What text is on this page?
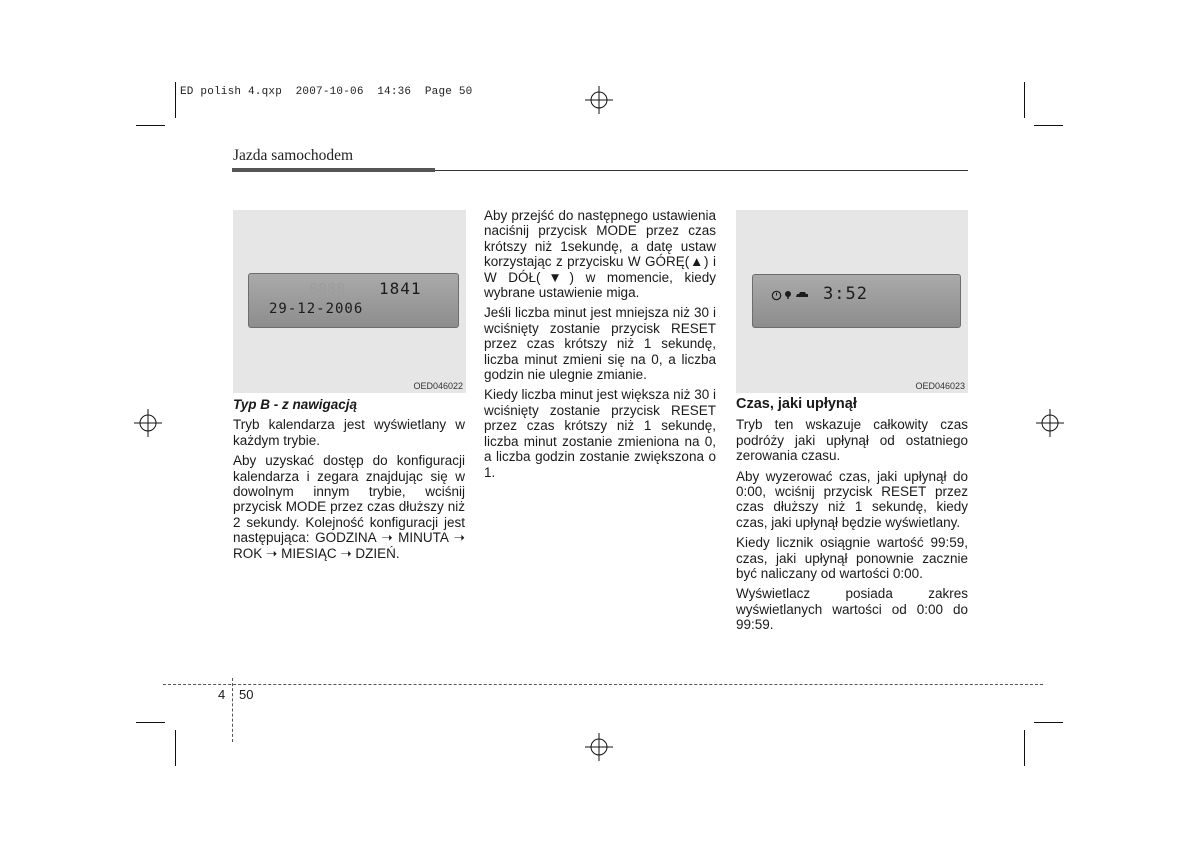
ED polish 4.qxp  2007-10-06  14:36  Page 50
Jazda samochodem
8888 1841
29-12-2006
OED046022
3:52
OED046023

Typ B - z nawigacją

Tryb kalendarza jest wyświetlany w każdym trybie.

Aby uzyskać dostęp do konfiguracji kalendarza i zegara znajdując się w dowolnym innym trybie, wciśnij przycisk MODE przez czas dłuższy niż 2 sekundy. Kolejność konfiguracji jest następująca: GODZINA ➝ MINUTA ➝ ROK ➝ MIESIĄC ➝ DZIEŃ.

Aby przejść do następnego ustawienia naciśnij przycisk MODE przez czas krótszy niż 1sekundę, a datę ustaw korzystając z przycisku W GÓRĘ(▲) i W DÓŁ(▼) w momencie, kiedy wybrane ustawienie miga.

Jeśli liczba minut jest mniejsza niż 30 i wciśnięty zostanie przycisk RESET przez czas krótszy niż 1 sekundę, liczba minut zmieni się na 0, a liczba godzin nie ulegnie zmianie.

Kiedy liczba minut jest większa niż 30 i wciśnięty zostanie przycisk RESET przez czas krótszy niż 1 sekundę, liczba minut zostanie zmieniona na 0, a liczba godzin zostanie zwiększona o 1.

Czas, jaki upłynął

Tryb ten wskazuje całkowity czas podróży jaki upłynął od ostatniego zerowania czasu.

Aby wyzerować czas, jaki upłynął do 0:00, wciśnij przycisk RESET przez czas dłuższy niż 1 sekundę, kiedy czas, jaki upłynął będzie wyświetlany.

Kiedy licznik osiągnie wartość 99:59, czas, jaki upłynął ponownie zacznie być naliczany od wartości 0:00.

Wyświetlacz posiada zakres wyświetlanych wartości od 0:00 do 99:59.

4 50
